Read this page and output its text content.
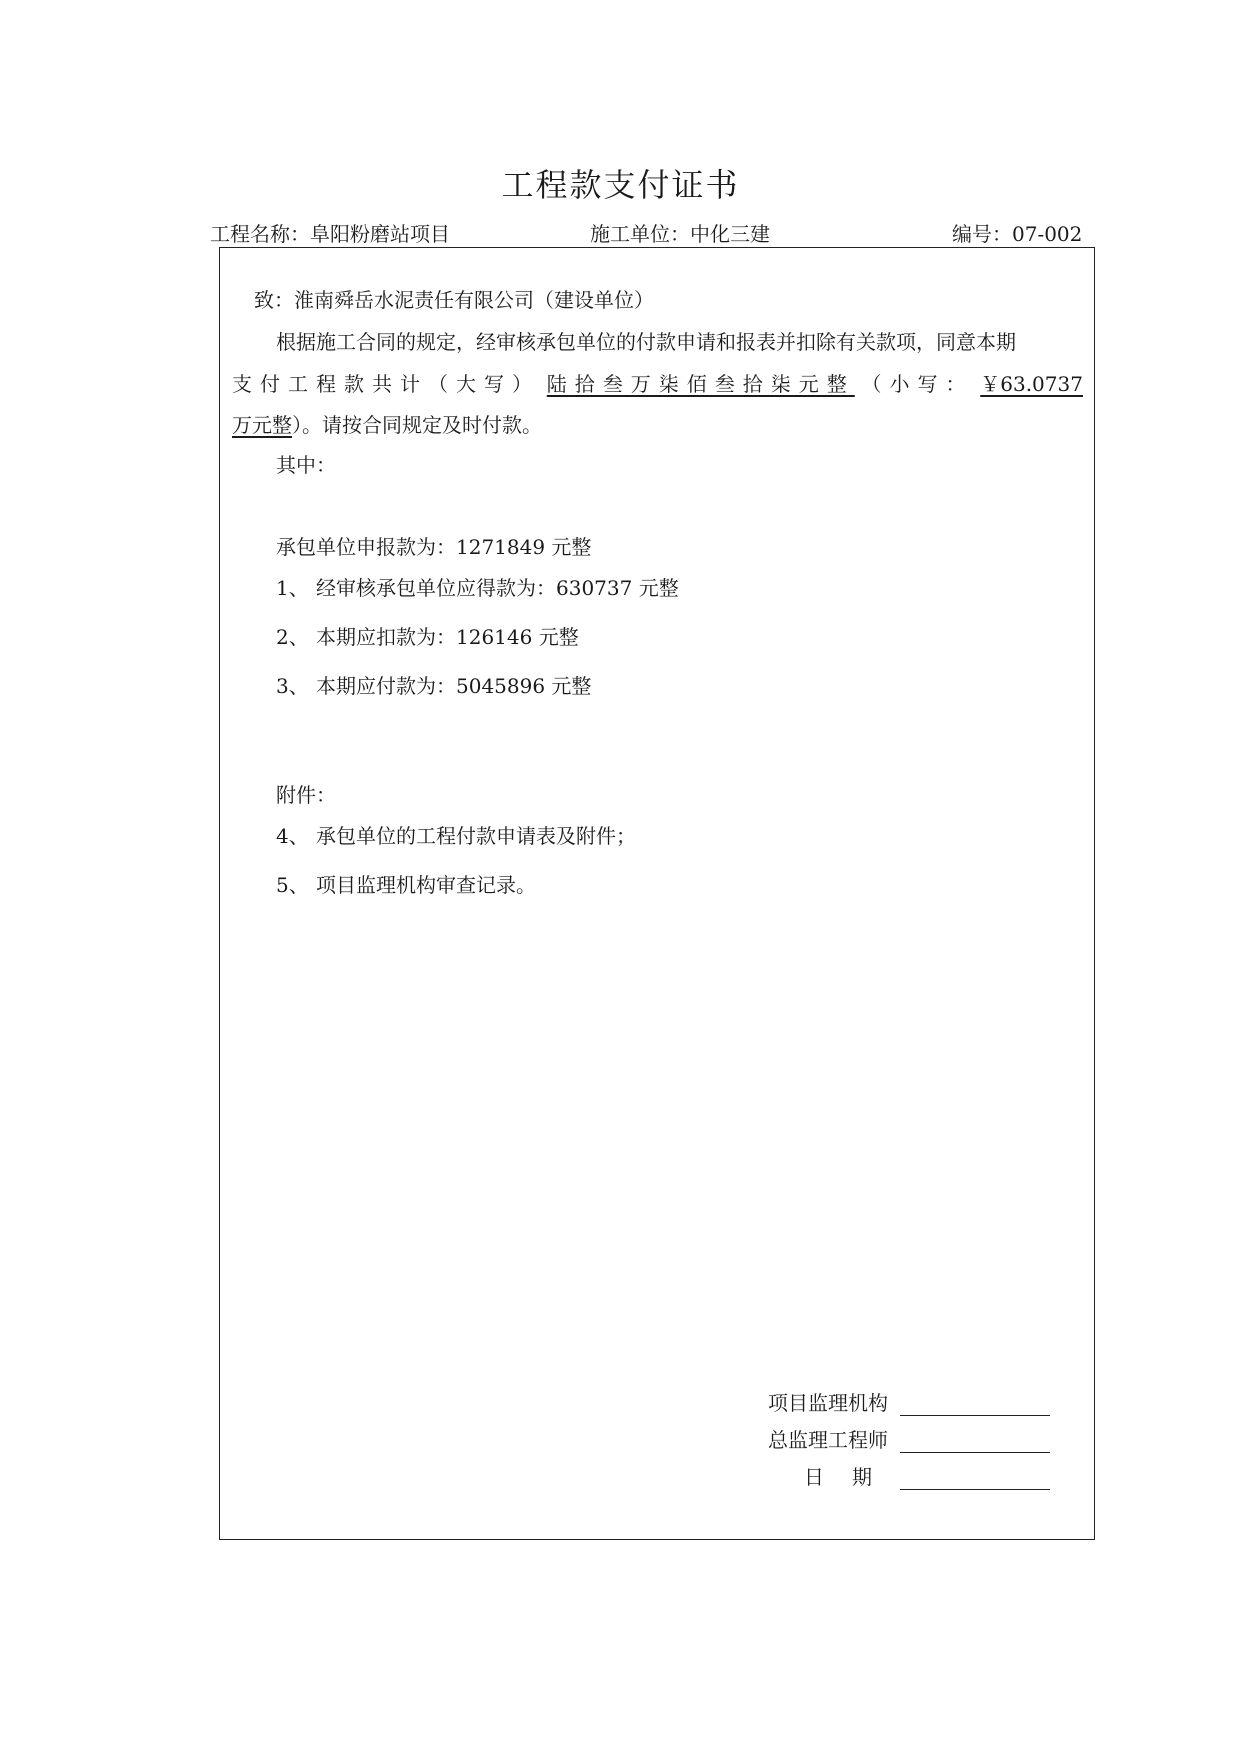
工程款支付证书
工程名称：阜阳粉磨站项目	施工单位：中化三建	编号：07-002
致：淮南舜岳水泥责任有限公司（建设单位）
根据施工合同的规定，经审核承包单位的付款申请和报表并扣除有关款项，同意本期
支付工程款共计（大写） 陆拾叁万柒佰叁拾柒元整 （小写： ￥63.0737
万元整）。请按合同规定及时付款。
其中：
承包单位申报款为：1271849 元整
1、 经审核承包单位应得款为：630737 元整
2、 本期应扣款为：126146 元整
3、 本期应付款为：5045896 元整
附件：
4、 承包单位的工程付款申请表及附件；
5、 项目监理机构审查记录。
项目监理机构
总监理工程师
日期
